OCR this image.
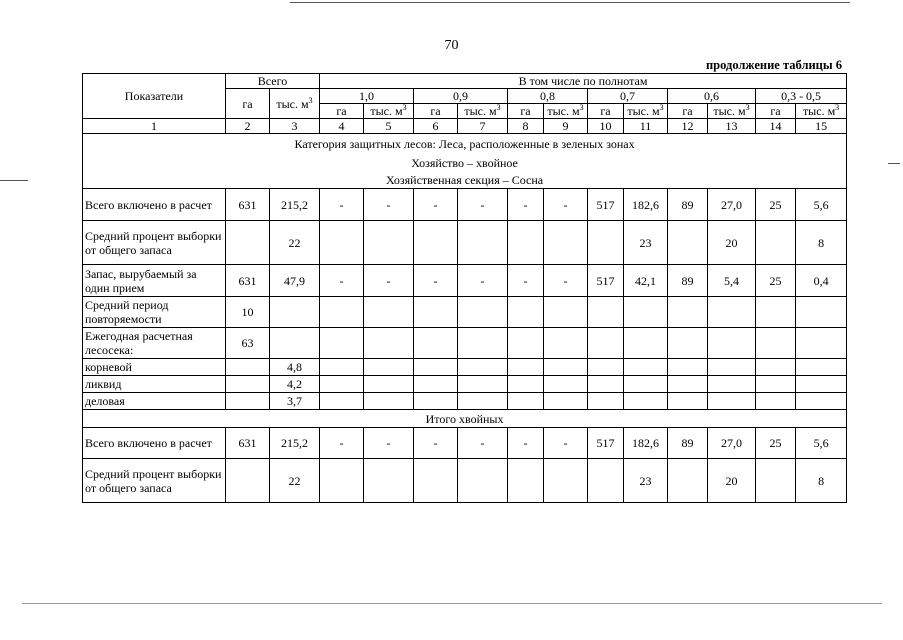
70
продолжение таблицы 6
Показатели	Всего		В том числе по полнотам											
	га	тыс. $м^3$	1,0		0,9		0,8		0,7		0,6		0,3 - 0,5	
			га	тыс. $м^3$	га	тыс. $м^3$	га	тыс. $м^3$	га	тыс. $м^3$	га	тыс. $м^3$	га	тыс. $м^3$
1	2	3	4	5	6	7	8	9	10	11	12	13	14	15
Категория защитных лесов: Леса, расположенные в зеленых зонах														
Хозяйство – хвойное														
Хозяйственная секция – Сосна														
Всего включено в расчет	631	215,2	-	-	-	-	-	-	517	182,6	89	27,0	25	5,6
Средний процент выборки от общего запаса		22								23		20		8
Запас, вырубаемый за один прием	631	47,9	-	-	-	-	-	-	517	42,1	89	5,4	25	0,4
Средний период повторяемости	10													
Ежегодная расчетная лесосека:	63													
корневой		4,8												
ликвид		4,2												
деловая		3,7												
Итого хвойных														
Всего включено в расчет	631	215,2	-	-	-	-	-	-	517	182,6	89	27,0	25	5,6
Средний процент выборки от общего запаса		22								23		20		8
